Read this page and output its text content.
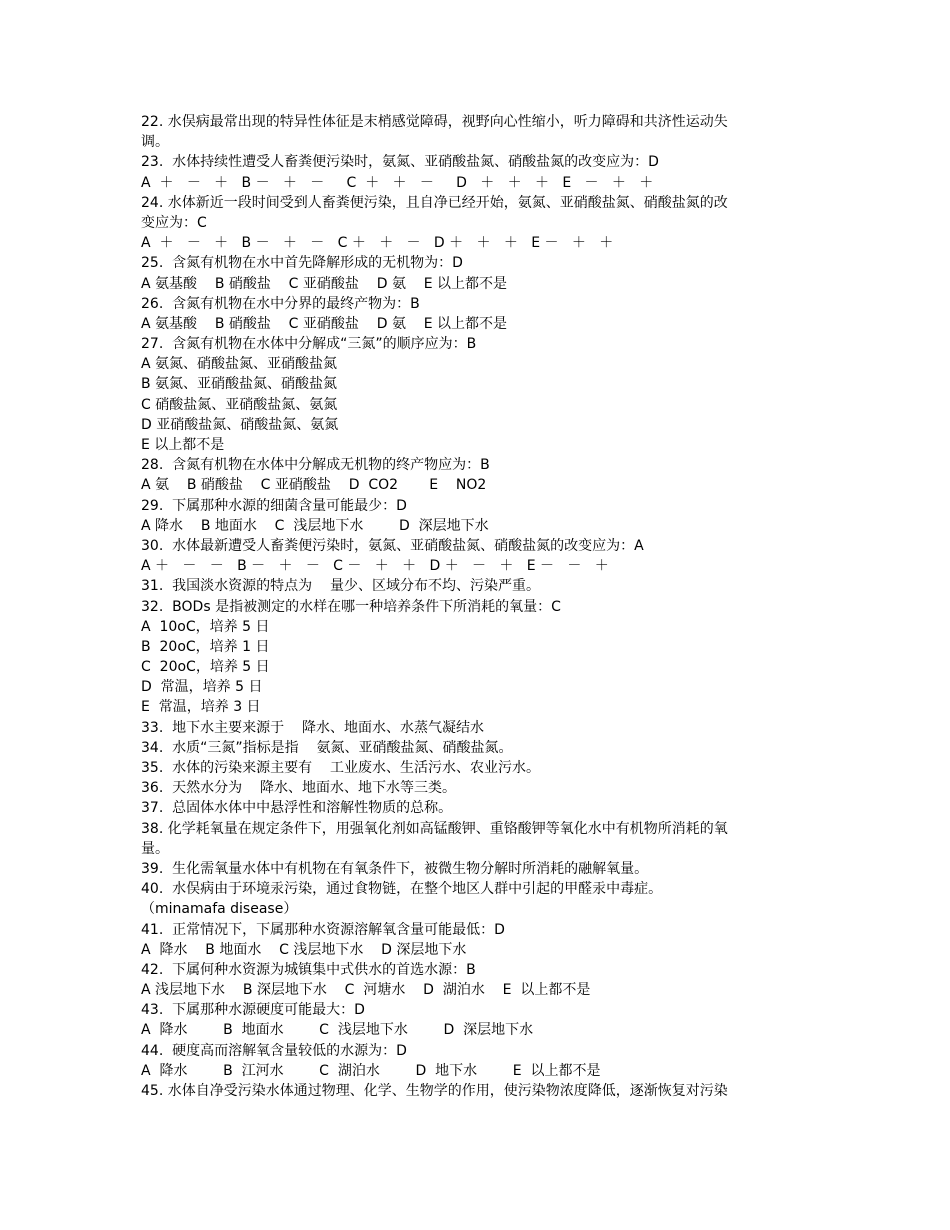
22. 水俣病最常出现的特异性体征是末梢感觉障碍，视野向心性缩小，听力障碍和共济性运动失
调。
23.  水体持续性遭受人畜粪便污染时，氨氮、亚硝酸盐氮、硝酸盐氮的改变应为：D
A  ＋   －   ＋   B －   ＋   －     C  ＋   ＋   －     D   ＋   ＋   ＋   E   －   ＋   ＋
24. 水体新近一段时间受到人畜粪便污染，且自净已经开始，氨氮、亚硝酸盐氮、硝酸盐氮的改
变应为：C
A  ＋   －   ＋   B －   ＋   －   C ＋   ＋   －   D ＋   ＋   ＋   E －   ＋   ＋
25.  含氮有机物在水中首先降解形成的无机物为：D
A 氨基酸    B 硝酸盐    C 亚硝酸盐    D 氨    E 以上都不是
26.  含氮有机物在水中分界的最终产物为：B
A 氨基酸    B 硝酸盐    C 亚硝酸盐    D 氨    E 以上都不是
27.  含氮有机物在水体中分解成“三氮”的顺序应为：B
A 氨氮、硝酸盐氮、亚硝酸盐氮
B 氨氮、亚硝酸盐氮、硝酸盐氮
C 硝酸盐氮、亚硝酸盐氮、氨氮
D 亚硝酸盐氮、硝酸盐氮、氨氮
E 以上都不是
28.  含氮有机物在水体中分解成无机物的终产物应为：B
A 氨    B 硝酸盐    C 亚硝酸盐    D  CO2       E    NO2
29.  下属那种水源的细菌含量可能最少：D
A 降水    B 地面水    C  浅层地下水        D  深层地下水
30.  水体最新遭受人畜粪便污染时，氨氮、亚硝酸盐氮、硝酸盐氮的改变应为：A
A ＋   －   －   B －   ＋   －   C －   ＋   ＋   D ＋   －   ＋   E －   －   ＋
31.  我国淡水资源的特点为    量少、区域分布不均、污染严重。
32.  BODs 是指被测定的水样在哪一种培养条件下所消耗的氧量：C
A  10oC，培养 5 日
B  20oC，培养 1 日
C  20oC，培养 5 日
D  常温，培养 5 日
E  常温，培养 3 日
33.  地下水主要来源于    降水、地面水、水蒸气凝结水
34.  水质“三氮”指标是指    氨氮、亚硝酸盐氮、硝酸盐氮。
35.  水体的污染来源主要有    工业废水、生活污水、农业污水。
36.  天然水分为    降水、地面水、地下水等三类。
37.  总固体水体中中悬浮性和溶解性物质的总称。
38. 化学耗氧量在规定条件下，用强氧化剂如高锰酸钾、重铬酸钾等氧化水中有机物所消耗的氧
量。
39.  生化需氧量水体中有机物在有氧条件下，被微生物分解时所消耗的融解氧量。
40.  水俣病由于环境汞污染，通过食物链，在整个地区人群中引起的甲醛汞中毒症。
（minamafa disease）
41.  正常情况下，下属那种水资源溶解氧含量可能最低：D
A  降水    B 地面水    C 浅层地下水    D 深层地下水
42.  下属何种水资源为城镇集中式供水的首选水源：B
A 浅层地下水    B 深层地下水    C  河塘水    D  湖泊水    E  以上都不是
43.  下属那种水源硬度可能最大：D
A  降水        B  地面水        C  浅层地下水        D  深层地下水
44.  硬度高而溶解氧含量较低的水源为：D
A  降水        B  江河水        C  湖泊水        D  地下水        E  以上都不是
45. 水体自净受污染水体通过物理、化学、生物学的作用，使污染物浓度降低，逐渐恢复对污染
